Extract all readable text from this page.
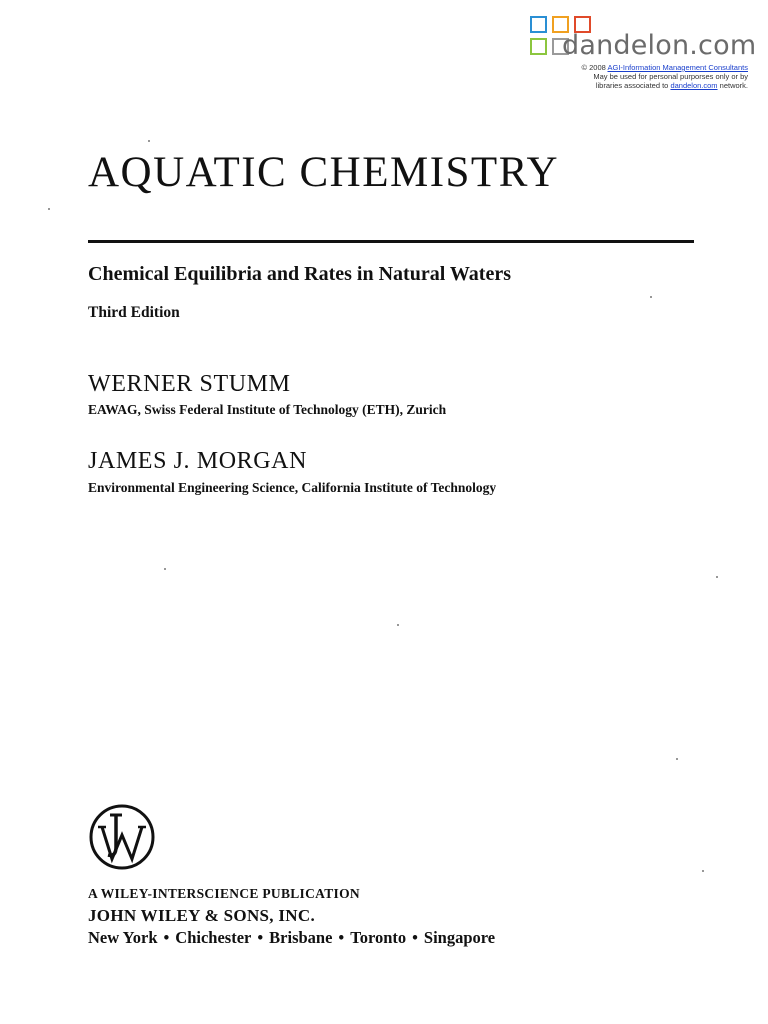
dandelon.com
© 2008 AGI-Information Management Consultants
May be used for personal purporses only or by
libraries associated to dandelon.com network.
AQUATIC CHEMISTRY
Chemical Equilibria and Rates in Natural Waters
Third Edition
WERNER STUMM
EAWAG, Swiss Federal Institute of Technology (ETH), Zurich
JAMES J. MORGAN
Environmental Engineering Science, California Institute of Technology
A WILEY-INTERSCIENCE PUBLICATION
JOHN WILEY & SONS, INC.
New York • Chichester • Brisbane • Toronto • Singapore
